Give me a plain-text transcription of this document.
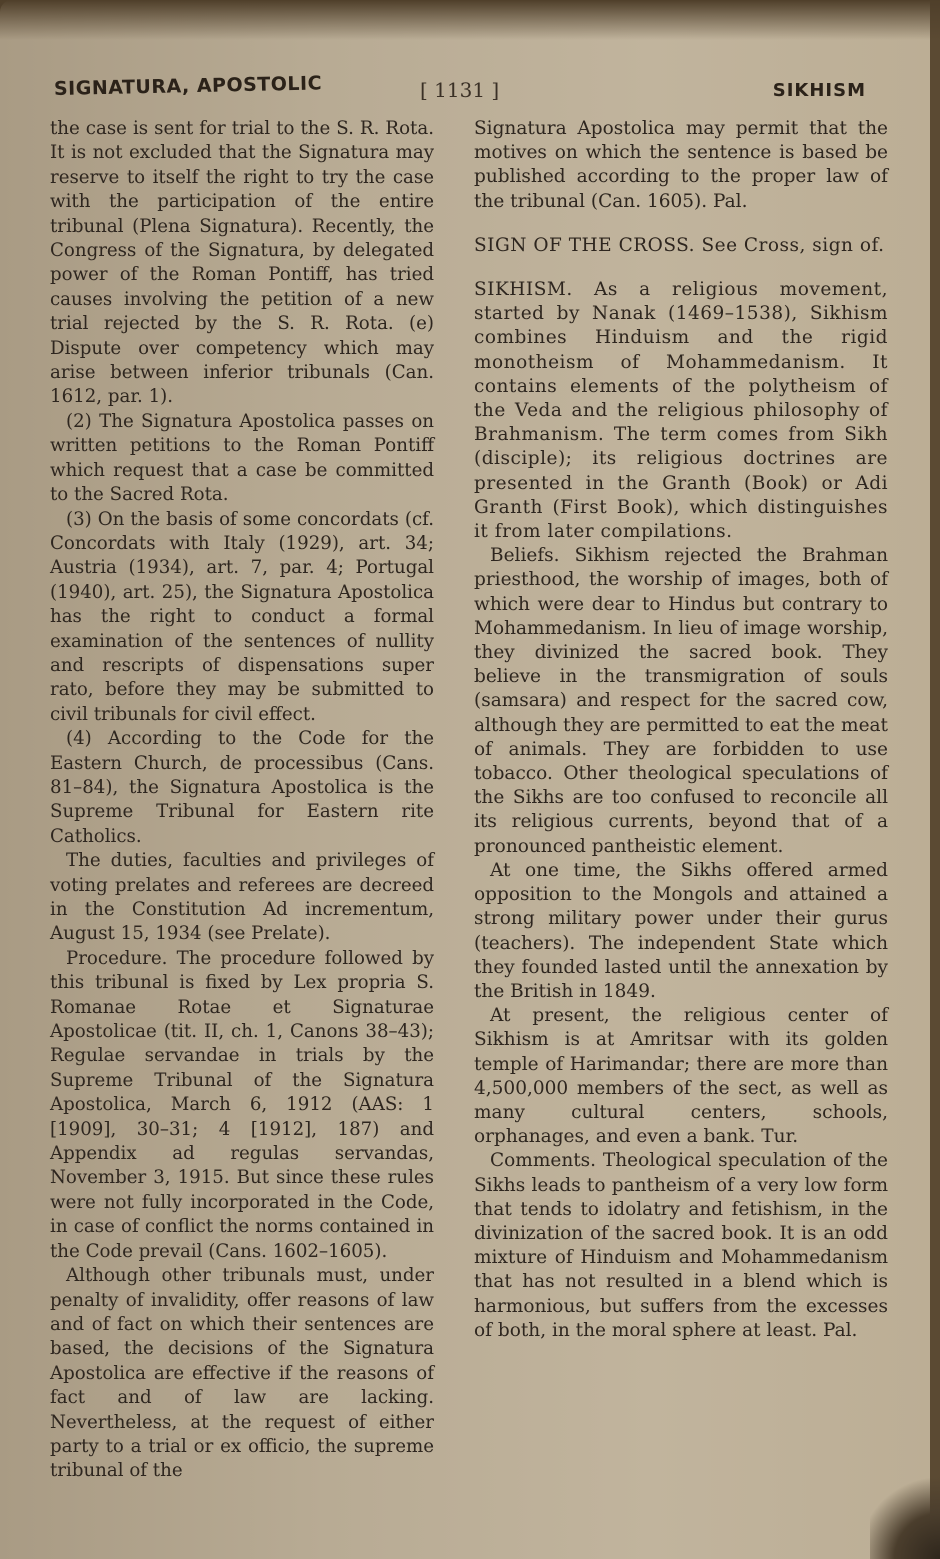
SIGNATURA, APOSTOLIC	[ 1131 ]	SIKHISM

the case is sent for trial to the S. R. Rota. It is not excluded that the Signatura may reserve to itself the right to try the case with the participation of the entire tribunal (Plena Signatura). Recently, the Congress of the Signatura, by delegated power of the Roman Pontiff, has tried causes involving the petition of a new trial rejected by the S. R. Rota. (e) Dispute over competency which may arise between inferior tribunals (Can. 1612, par. 1).

(2) The Signatura Apostolica passes on written petitions to the Roman Pontiff which request that a case be committed to the Sacred Rota.

(3) On the basis of some concordats (cf. Concordats with Italy (1929), art. 34; Austria (1934), art. 7, par. 4; Portugal (1940), art. 25), the Signatura Apostolica has the right to conduct a formal examination of the sentences of nullity and rescripts of dispensations super rato, before they may be submitted to civil tribunals for civil effect.

(4) According to the Code for the Eastern Church, de processibus (Cans. 81–84), the Signatura Apostolica is the Supreme Tribunal for Eastern rite Catholics.

The duties, faculties and privileges of voting prelates and referees are decreed in the Constitution Ad incrementum, August 15, 1934 (see Prelate).

Procedure. The procedure followed by this tribunal is fixed by Lex propria S. Romanae Rotae et Signaturae Apostolicae (tit. II, ch. 1, Canons 38–43); Regulae servandae in trials by the Supreme Tribunal of the Signatura Apostolica, March 6, 1912 (AAS: 1 [1909], 30–31; 4 [1912], 187) and Appendix ad regulas servandas, November 3, 1915. But since these rules were not fully incorporated in the Code, in case of conflict the norms contained in the Code prevail (Cans. 1602–1605).

Although other tribunals must, under penalty of invalidity, offer reasons of law and of fact on which their sentences are based, the decisions of the Signatura Apostolica are effective if the reasons of fact and of law are lacking. Nevertheless, at the request of either party to a trial or ex officio, the supreme tribunal of the

Signatura Apostolica may permit that the motives on which the sentence is based be published according to the proper law of the tribunal (Can. 1605). Pal.

SIGN OF THE CROSS. See Cross, sign of.

SIKHISM. As a religious movement, started by Nanak (1469–1538), Sikhism combines Hinduism and the rigid monotheism of Mohammedanism. It contains elements of the polytheism of the Veda and the religious philosophy of Brahmanism. The term comes from Sikh (disciple); its religious doctrines are presented in the Granth (Book) or Adi Granth (First Book), which distinguishes it from later compilations.

Beliefs. Sikhism rejected the Brahman priesthood, the worship of images, both of which were dear to Hindus but contrary to Mohammedanism. In lieu of image worship, they divinized the sacred book. They believe in the transmigration of souls (samsara) and respect for the sacred cow, although they are permitted to eat the meat of animals. They are forbidden to use tobacco. Other theological speculations of the Sikhs are too confused to reconcile all its religious currents, beyond that of a pronounced pantheistic element.

At one time, the Sikhs offered armed opposition to the Mongols and attained a strong military power under their gurus (teachers). The independent State which they founded lasted until the annexation by the British in 1849.

At present, the religious center of Sikhism is at Amritsar with its golden temple of Harimandar; there are more than 4,500,000 members of the sect, as well as many cultural centers, schools, orphanages, and even a bank. Tur.

Comments. Theological speculation of the Sikhs leads to pantheism of a very low form that tends to idolatry and fetishism, in the divinization of the sacred book. It is an odd mixture of Hinduism and Mohammedanism that has not resulted in a blend which is harmonious, but suffers from the excesses of both, in the moral sphere at least. Pal.
